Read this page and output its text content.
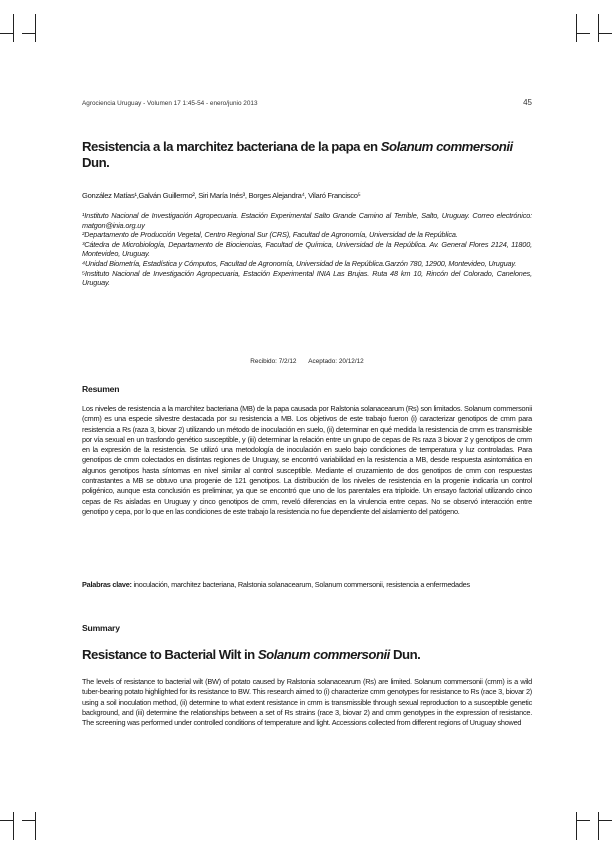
Agrociencia Uruguay - Volumen 17 1:45-54 - enero/junio 2013	45
Resistencia a la marchitez bacteriana de la papa en Solanum commersonii Dun.
González Matías¹,Galván Guillermo², Siri María Inés³, Borges Alejandra⁴, Vilaró Francisco⁵

¹Instituto Nacional de Investigación Agropecuaria. Estación Experimental Salto Grande Camino al Terrible, Salto, Uruguay. Correo electrónico: matgon@inia.org.uy

²Departamento de Producción Vegetal, Centro Regional Sur (CRS), Facultad de Agronomía, Universidad de la República.

³Cátedra de Microbiología, Departamento de Biociencias, Facultad de Química, Universidad de la República. Av. General Flores 2124, 11800, Montevideo, Uruguay.

⁴Unidad Biometría, Estadística y Cómputos, Facultad de Agronomía, Universidad de la República.Garzón 780, 12900, Montevideo, Uruguay.

⁵Instituto Nacional de Investigación Agropecuaria, Estación Experimental INIA Las Brujas. Ruta 48 km 10, Rincón del Colorado, Canelones, Uruguay.

Recibido: 7/2/12 Aceptado: 20/12/12
Resumen

Los niveles de resistencia a la marchitez bacteriana (MB) de la papa causada por Ralstonia solanacearum (Rs) son limitados. Solanum commersonii (cmm) es una especie silvestre destacada por su resistencia a MB. Los objetivos de este trabajo fueron (i) caracterizar genotipos de cmm para resistencia a Rs (raza 3, biovar 2) utilizando un método de inoculación en suelo, (ii) determinar en qué medida la resistencia de cmm es transmisible por vía sexual en un trasfondo genético susceptible, y (iii) determinar la relación entre un grupo de cepas de Rs raza 3 biovar 2 y genotipos de cmm en la expresión de la resistencia. Se utilizó una metodología de inoculación en suelo bajo condiciones de temperatura y luz controladas. Para genotipos de cmm colectados en distintas regiones de Uruguay, se encontró variabilidad en la resistencia a MB, desde respuesta asintomática en algunos genotipos hasta síntomas en nivel similar al control susceptible. Mediante el cruzamiento de dos genotipos de cmm con respuestas contrastantes a MB se obtuvo una progenie de 121 genotipos. La distribución de los niveles de resistencia en la progenie indicaría un control poligénico, aunque esta conclusión es preliminar, ya que se encontró que uno de los parentales era triploide. Un ensayo factorial utilizando cinco cepas de Rs aisladas en Uruguay y cinco genotipos de cmm, reveló diferencias en la virulencia entre cepas. No se observó interacción entre genotipo y cepa, por lo que en las condiciones de este trabajo la resistencia no fue dependiente del aislamiento del patógeno.

Palabras clave: inoculación, marchitez bacteriana, Ralstonia solanacearum, Solanum commersonii, resistencia a enfermedades
Summary
Resistance to Bacterial Wilt in Solanum commersonii Dun.

The levels of resistance to bacterial wilt (BW) of potato caused by Ralstonia solanacearum (Rs) are limited. Solanum commersonii (cmm) is a wild tuber-bearing potato highlighted for its resistance to BW. This research aimed to (i) characterize cmm genotypes for resistance to Rs (race 3, biovar 2) using a soil inoculation method, (ii) determine to what extent resistance in cmm is transmissible through sexual reproduction to a susceptible genetic background, and (iii) determine the relationships between a set of Rs strains (race 3, biovar 2) and cmm genotypes in the expression of resistance. The screening was performed under controlled conditions of temperature and light. Accessions collected from different regions of Uruguay showed
